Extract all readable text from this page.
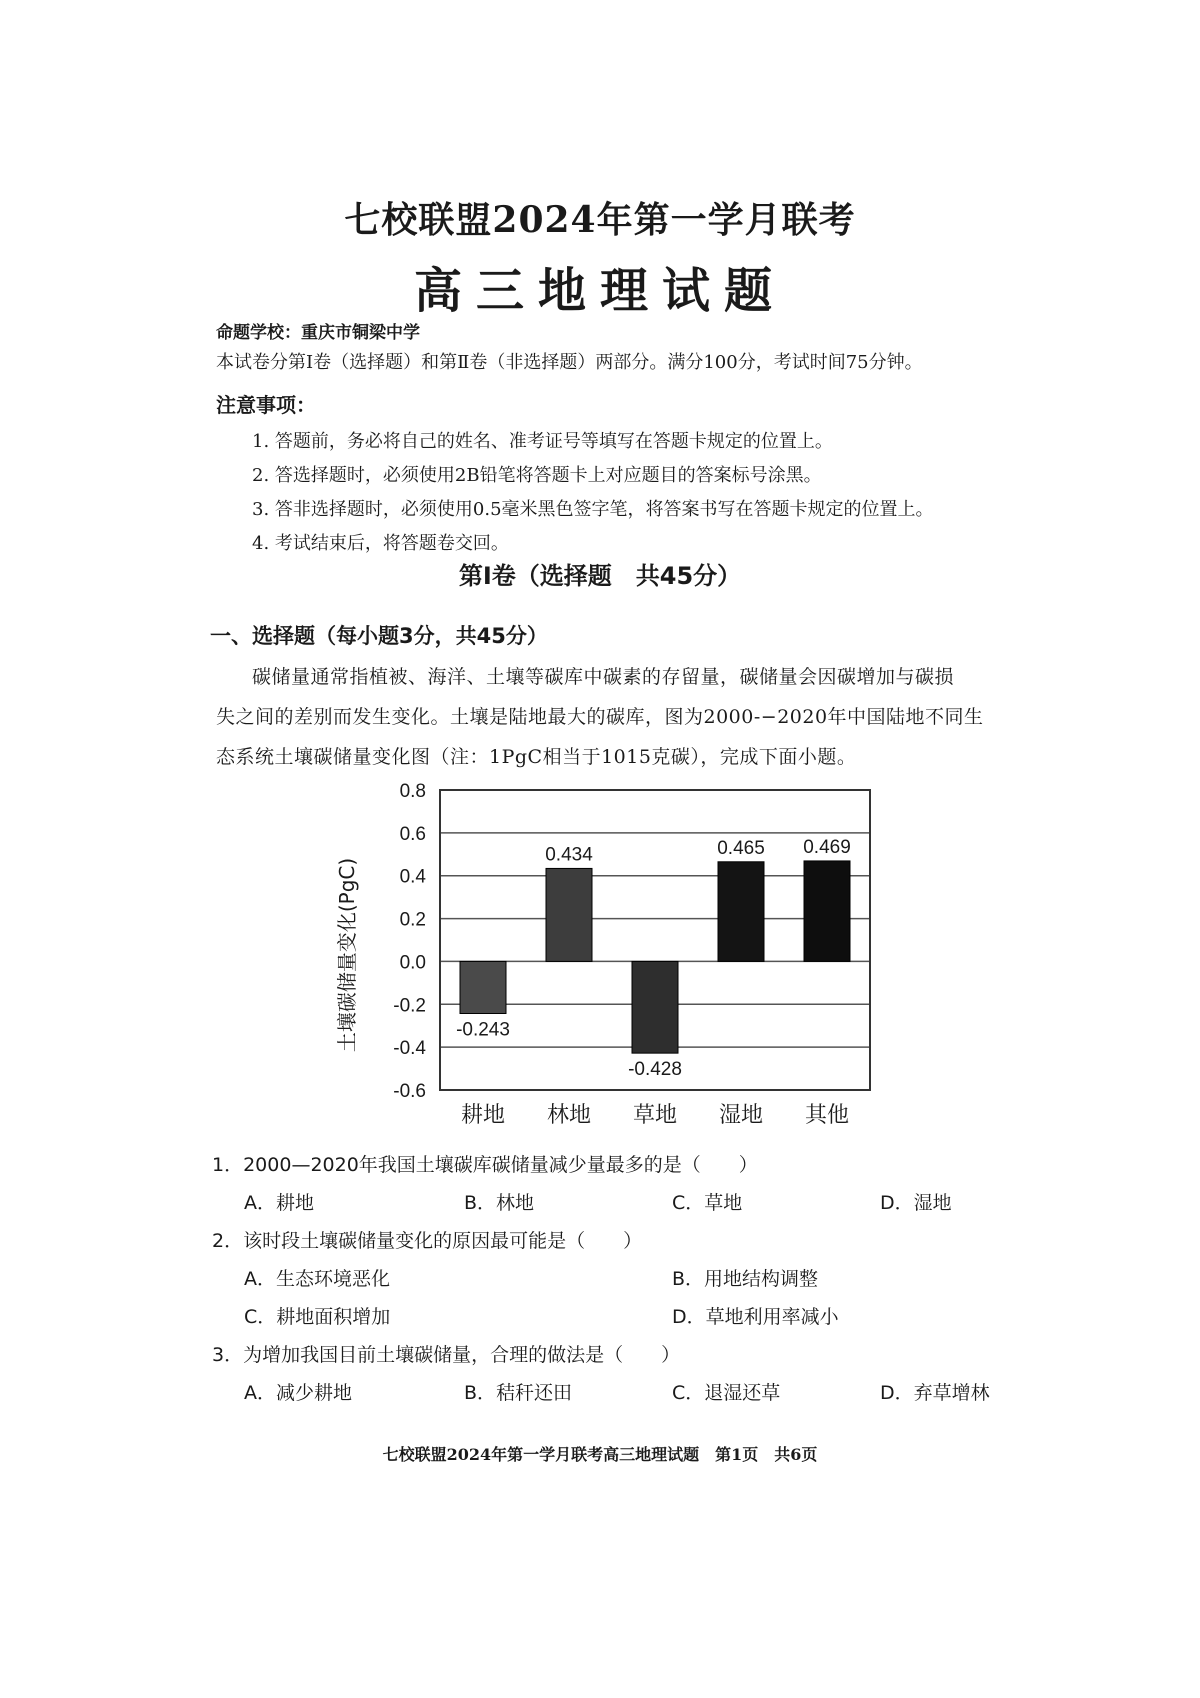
七校联盟2024年第一学月联考
高三地理试题
命题学校：重庆市铜梁中学
本试卷分第Ⅰ卷（选择题）和第Ⅱ卷（非选择题）两部分。满分100分，考试时间75分钟。
注意事项：
1. 答题前，务必将自己的姓名、准考证号等填写在答题卡规定的位置上。
2. 答选择题时，必须使用2B铅笔将答题卡上对应题目的答案标号涂黑。
3. 答非选择题时，必须使用0.5毫米黑色签字笔，将答案书写在答题卡规定的位置上。
4. 考试结束后，将答题卷交回。
第Ⅰ卷（选择题　共45分）
一、选择题（每小题3分，共45分）
碳储量通常指植被、海洋、土壤等碳库中碳素的存留量，碳储量会因碳增加与碳损
失之间的差别而发生变化。土壤是陆地最大的碳库，图为2000-−2020年中国陆地不同生
态系统土壤碳储量变化图（注：1PgC相当于1015克碳），完成下面小题。
-0.243
0.434
-0.428
0.465 0.469
0.8
0.6
0.4
0.2
0.0
-0.2
-0.4
-0.6
耕地 林地 草地 湿地 其他
土壤碳储量变化(PgC)
1．2000—2020年我国土壤碳库碳储量减少量最多的是（　　）
A．耕地	B．林地	C．草地	D．湿地
2．该时段土壤碳储量变化的原因最可能是（　　）
A．生态环境恶化	B．用地结构调整
C．耕地面积增加	D．草地利用率减小
3．为增加我国目前土壤碳储量，合理的做法是（　　）
A．减少耕地	B．秸秆还田	C．退湿还草	D．弃草增林
七校联盟2024年第一学月联考高三地理试题　第1页　共6页
